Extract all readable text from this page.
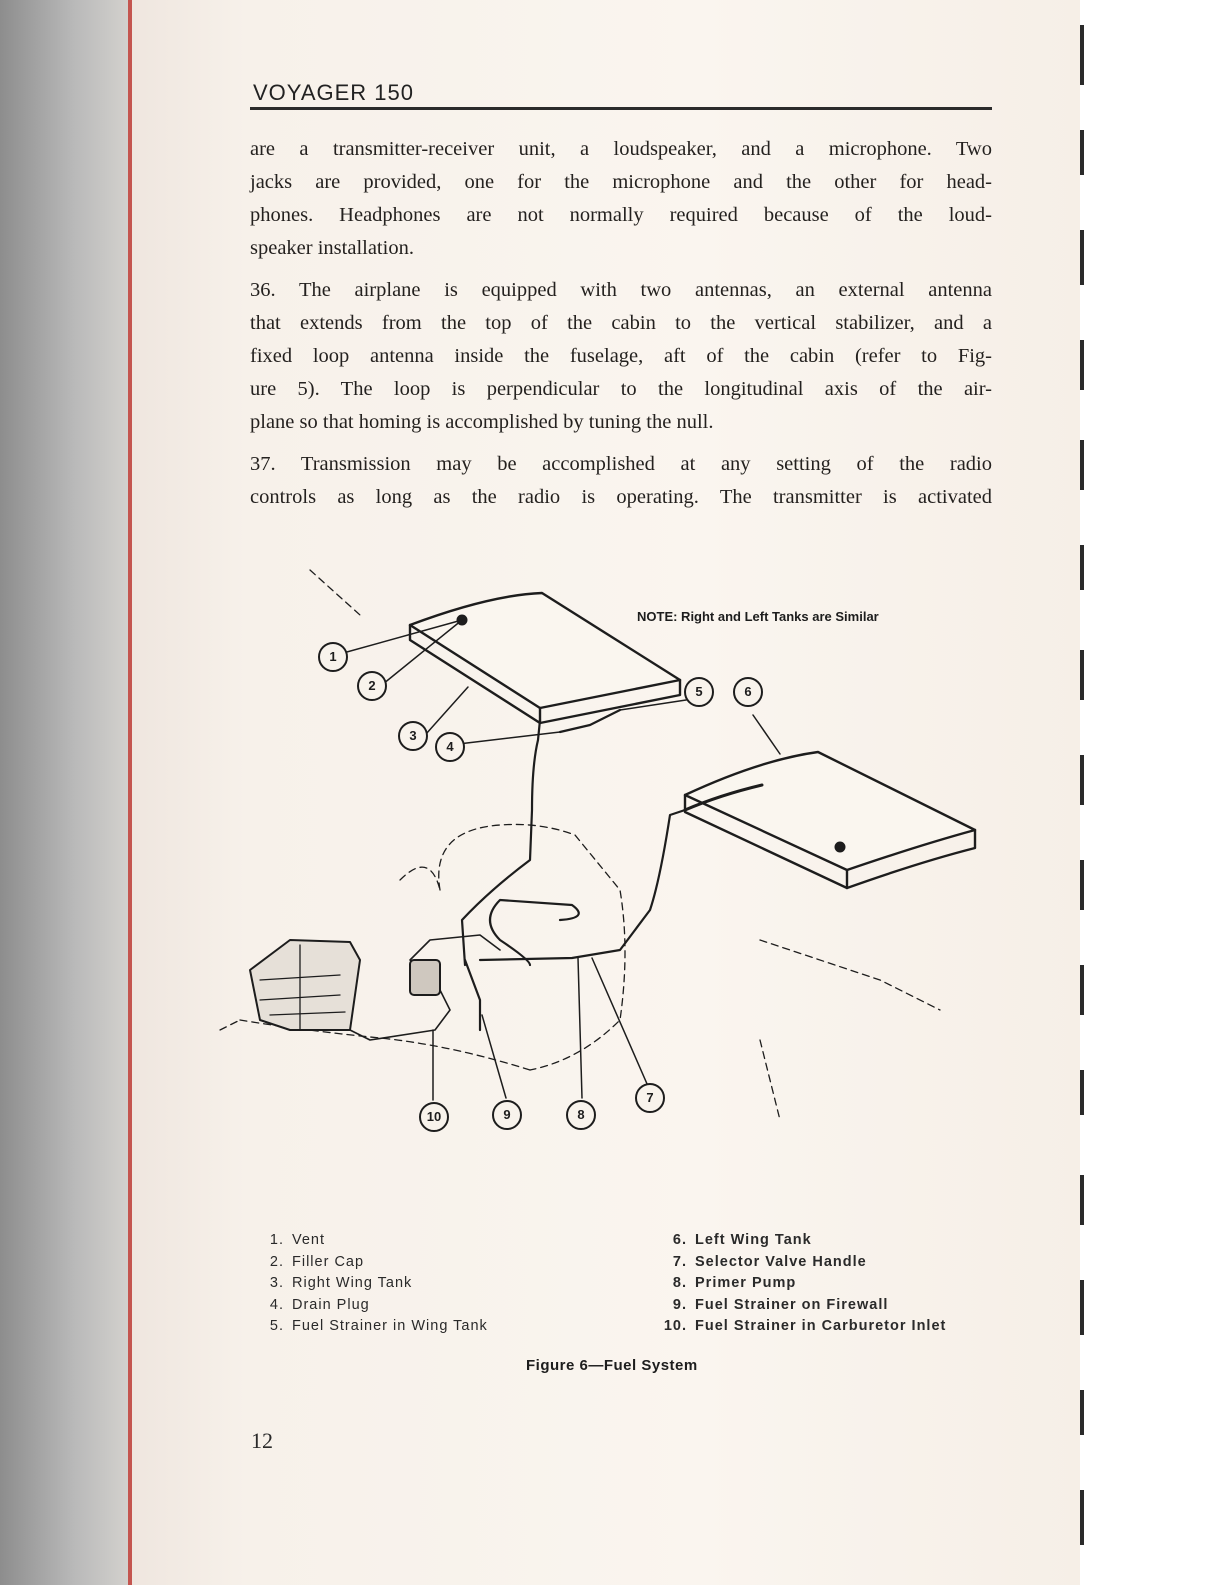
VOYAGER 150

are a transmitter-receiver unit, a loudspeaker, and a microphone. Two
jacks are provided, one for the microphone and the other for head-
phones. Headphones are not normally required because of the loud-
speaker installation.

36. The airplane is equipped with two antennas, an external antenna
that extends from the top of the cabin to the vertical stabilizer, and a
fixed loop antenna inside the fuselage, aft of the cabin (refer to Fig-
ure 5). The loop is perpendicular to the longitudinal axis of the air-
plane so that homing is accomplished by tuning the null.

37. Transmission may be accomplished at any setting of the radio
controls as long as the radio is operating. The transmitter is activated

NOTE: Right and Left Tanks are Similar
1
2
3
4
5	6
7
8
9
10
1. Vent
2. Filler Cap
3. Right Wing Tank
4. Drain Plug
5. Fuel Strainer in Wing Tank
6. Left Wing Tank
7. Selector Valve Handle
8. Primer Pump
9. Fuel Strainer on Firewall
10. Fuel Strainer in Carburetor Inlet
Figure 6—Fuel System
12
